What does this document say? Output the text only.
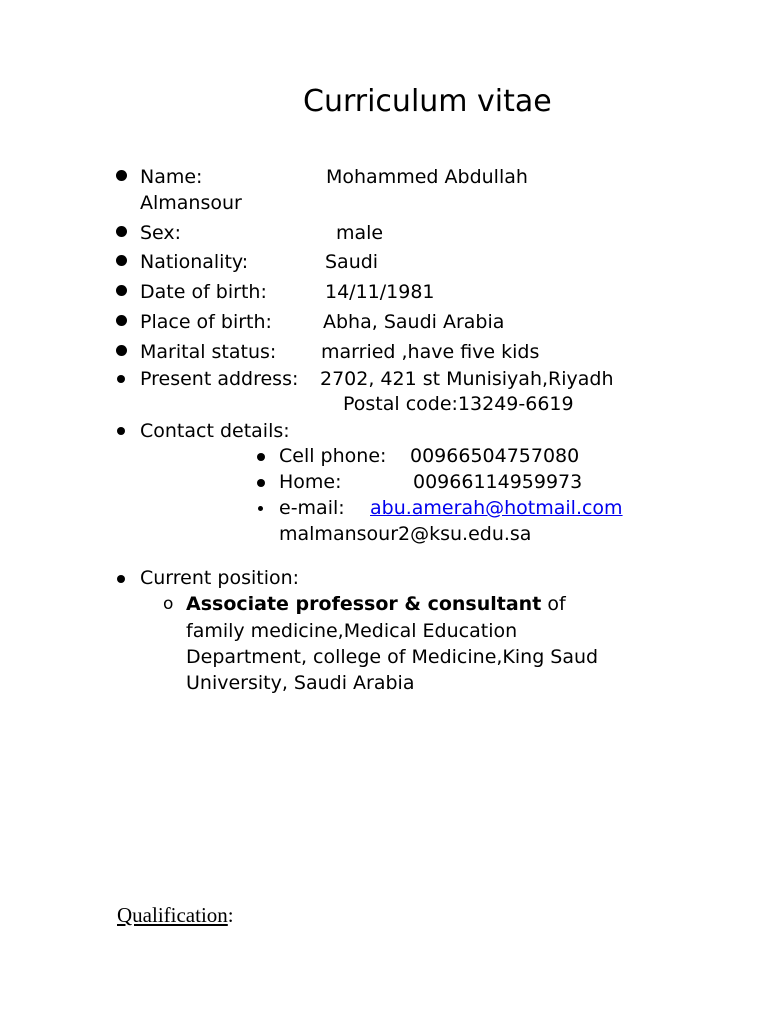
Curriculum vitae
Name:	Mohammed Abdullah
Almansour
Sex:	male
Nationality:	Saudi
Date of birth:	14/11/1981
Place of birth:	Abha, Saudi Arabia
Marital status: married ,have five kids
Present address: 2702, 421 st Munisiyah,Riyadh
Postal code:13249-6619
Contact details:
Cell phone: 00966504757080
Home:	00966114959973
e-mail: abu.amerah@hotmail.com
malmansour2@ksu.edu.sa
Current position:
o Associate professor & consultant of
family medicine,Medical Education
Department, college of Medicine,King Saud
University, Saudi Arabia
Qualification:
